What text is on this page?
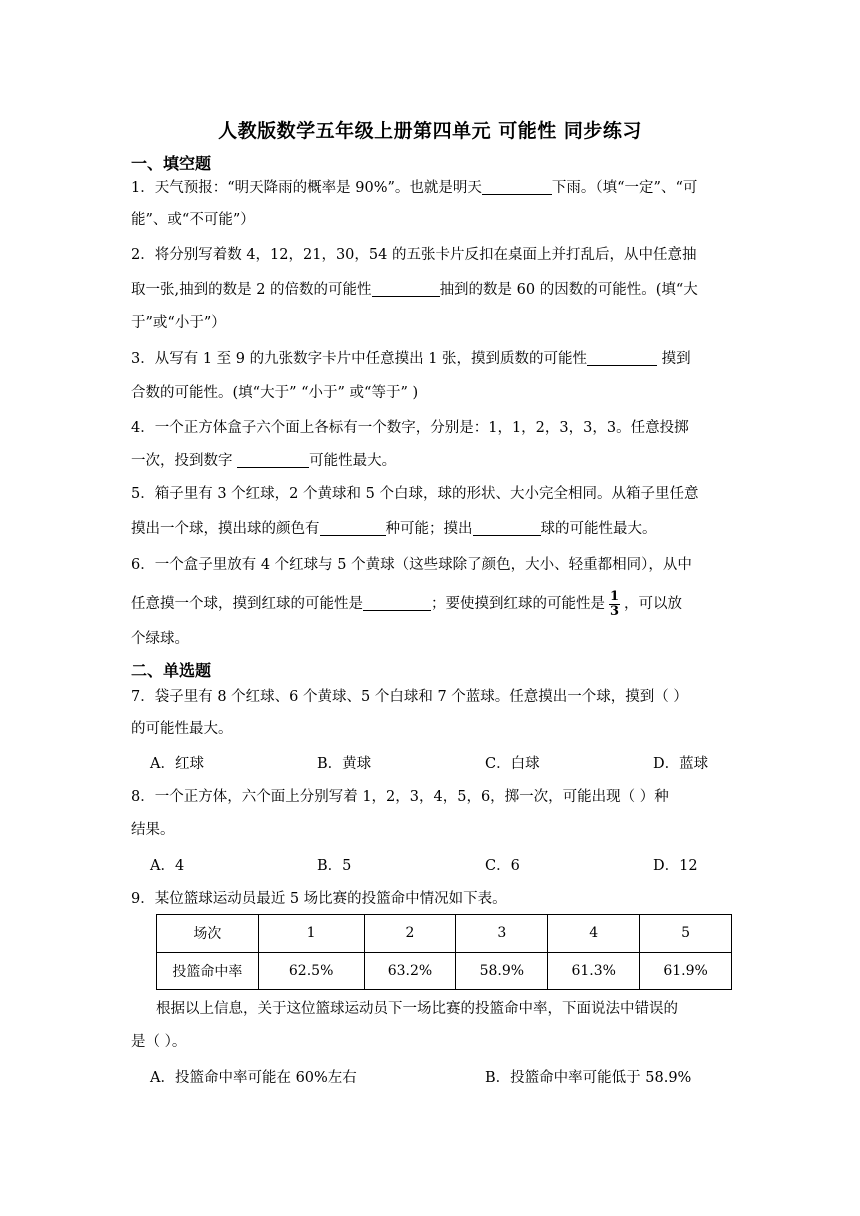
人教版数学五年级上册第四单元 可能性 同步练习
一、填空题
1．天气预报：“明天降雨的概率是 90%”。也就是明天	下雨。（填“一定”、“可
能”、或“不可能”）
2．将分别写着数 4，12，21，30，54 的五张卡片反扣在桌面上并打乱后，从中任意抽
取一张,抽到的数是 2 的倍数的可能性	抽到的数是 60 的因数的可能性。(填“大
于”或“小于”）
3．从写有 1 至 9 的九张数字卡片中任意摸出 1 张，摸到质数的可能性	摸到
合数的可能性。(填“大于” “小于” 或“等于” )
4．一个正方体盒子六个面上各标有一个数字，分别是：1，1，2，3，3，3。任意投掷
一次，投到数字	可能性最大。
5．箱子里有 3 个红球，2 个黄球和 5 个白球，球的形状、大小完全相同。从箱子里任意
摸出一个球，摸出球的颜色有	种可能；摸出	球的可能性最大。
6．一个盒子里放有 4 个红球与 5 个黄球（这些球除了颜色，大小、轻重都相同），从中
任意摸一个球，摸到红球的可能性是	；要使摸到红球的可能性是 $\frac{1}{3}$ ，可以放
个绿球。
二、单选题
7．袋子里有 8 个红球、6 个黄球、5 个白球和 7 个蓝球。任意摸出一个球，摸到（ ）
的可能性最大。
A．红球	B．黄球	C．白球	D．蓝球
8．一个正方体，六个面上分别写着 1，2，3，4，5，6，掷一次，可能出现（ ）种
结果。
A．4	B．5	C．6	D．12
9．某位篮球运动员最近 5 场比赛的投篮命中情况如下表。
场次	1	2	3	4	5
投篮命中率	62.5%	63.2%	58.9%	61.3%	61.9%
根据以上信息，关于这位篮球运动员下一场比赛的投篮命中率，下面说法中错误的
是（ ）。
A．投篮命中率可能在 60%左右	B．投篮命中率可能低于 58.9%
